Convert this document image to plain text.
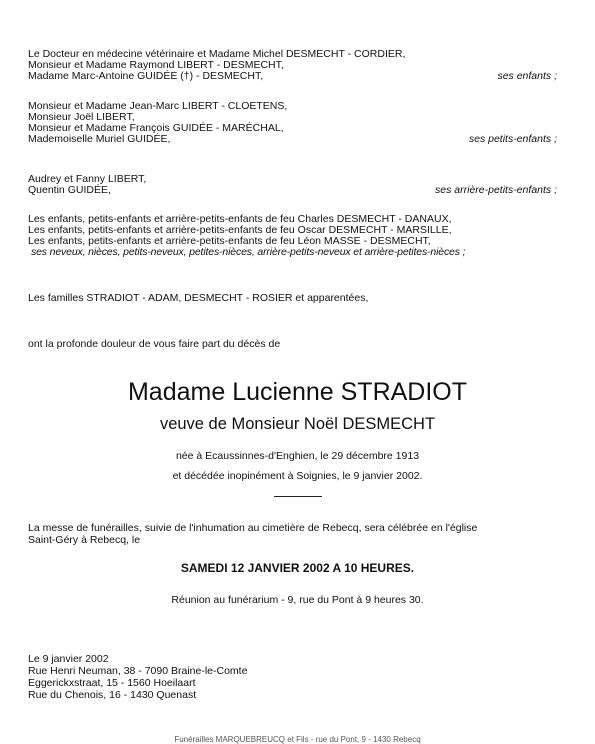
Le Docteur en médecine vétérinaire et Madame Michel DESMECHT - CORDIER,
Monsieur et Madame Raymond LIBERT - DESMECHT,
Madame Marc-Antoine GUIDÉE (†) - DESMECHT,	ses enfants ;
Monsieur et Madame Jean-Marc LIBERT - CLOETENS,
Monsieur Joël LIBERT,
Monsieur et Madame François GUIDÉE - MARÉCHAL,
Mademoiselle Muriel GUIDÉE,	ses petits-enfants ;
Audrey et Fanny LIBERT,
Quentin GUIDÉE,	ses arrière-petits-enfants ;
Les enfants, petits-enfants et arrière-petits-enfants de feu Charles DESMECHT - DANAUX,
Les enfants, petits-enfants et arrière-petits-enfants de feu Oscar DESMECHT - MARSILLE,
Les enfants, petits-enfants et arrière-petits-enfants de feu Léon MASSE - DESMECHT,
ses neveux, nièces, petits-neveux, petites-nièces, arrière-petits-neveux et arrière-petites-nièces ;
Les familles STRADIOT - ADAM, DESMECHT - ROSIER et apparentées,
ont la profonde douleur de vous faire part du décès de
Madame Lucienne STRADIOT
veuve de Monsieur Noël DESMECHT
née à Ecaussinnes-d'Enghien, le 29 décembre 1913
et décédée inopinément à Soignies, le 9 janvier 2002.
La messe de funérailles, suivie de l'inhumation au cimetière de Rebecq, sera célébrée en l'église
Saint-Géry à Rebecq, le
SAMEDI 12 JANVIER 2002 A 10 HEURES.
Réunion au funérarium - 9, rue du Pont à 9 heures 30.
Le 9 janvier 2002
Rue Henri Neuman, 38 - 7090 Braine-le-Comte
Eggerickxstraat, 15 - 1560 Hoeilaart
Rue du Chenois, 16 - 1430 Quenast
Funérailles MARQUEBREUCQ et Fils - rue du Pont, 9 - 1430 Rebecq
